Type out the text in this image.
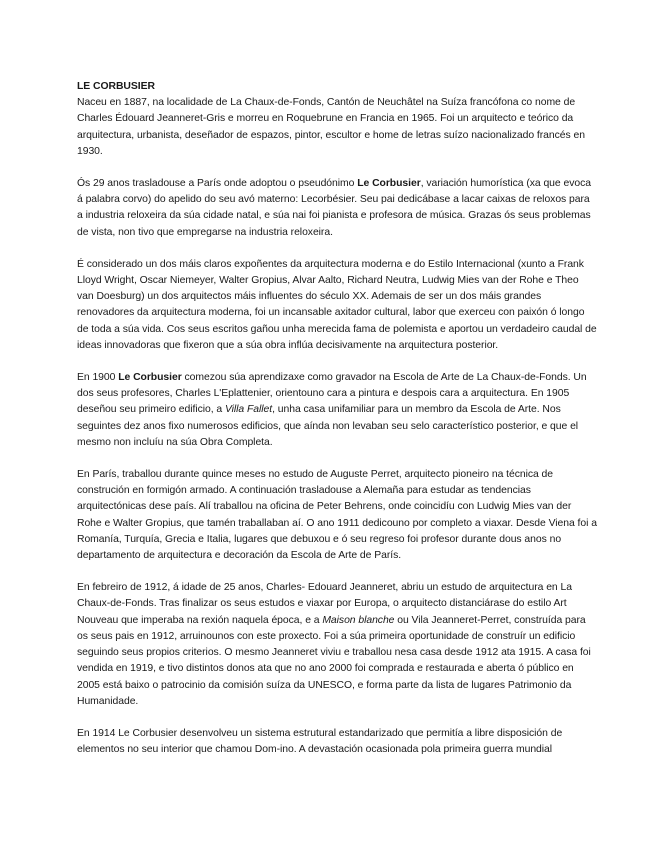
LE CORBUSIER
Naceu en 1887, na localidade de La Chaux-de-Fonds, Cantón de Neuchâtel na Suíza francófona co nome de Charles Édouard Jeanneret-Gris e morreu en Roquebrune en Francia en 1965. Foi un arquitecto e teórico da arquitectura, urbanista, deseñador de espazos, pintor, escultor e home de letras suízo nacionalizado francés en 1930.

Ós 29 anos trasladouse a París onde adoptou o pseudónimo Le Corbusier, variación humorística (xa que evoca á palabra corvo) do apelido do seu avó materno: Lecorbésier. Seu pai dedicábase a lacar caixas de reloxos para a industria reloxeira da súa cidade natal, e súa nai foi pianista e profesora de música. Grazas ós seus problemas de vista, non tivo que empregarse na industria reloxeira.

É considerado un dos máis claros expoñentes da arquitectura moderna e do Estilo Internacional (xunto a Frank Lloyd Wright, Oscar Niemeyer, Walter Gropius, Alvar Aalto, Richard Neutra, Ludwig Mies van der Rohe e Theo van Doesburg) un dos arquitectos máis influentes do século XX. Ademais de ser un dos máis grandes renovadores da arquitectura moderna, foi un incansable axitador cultural, labor que exerceu con paixón ó longo de toda a súa vida. Cos seus escritos gañou unha merecida fama de polemista e aportou un verdadeiro caudal de ideas innovadoras que fixeron que a súa obra inflúa decisivamente na arquitectura posterior.

En 1900 Le Corbusier comezou súa aprendizaxe como gravador na Escola de Arte de La Chaux-de-Fonds. Un dos seus profesores, Charles L'Eplattenier, orientouno cara a pintura e despois cara a arquitectura. En 1905 deseñou seu primeiro edificio, a Villa Fallet, unha casa unifamiliar para un membro da Escola de Arte. Nos seguintes dez anos fixo numerosos edificios, que aínda non levaban seu selo característico posterior, e que el mesmo non incluíu na súa Obra Completa.

En París, traballou durante quince meses no estudo de Auguste Perret, arquitecto pioneiro na técnica de construción en formigón armado. A continuación trasladouse a Alemaña para estudar as tendencias arquitectónicas dese país. Alí traballou na oficina de Peter Behrens, onde coincidíu con Ludwig Mies van der Rohe e Walter Gropius, que tamén traballaban aí. O ano 1911 dedicouno por completo a viaxar. Desde Viena foi a Romanía, Turquía, Grecia e Italia, lugares que debuxou e ó seu regreso foi profesor durante dous anos no departamento de arquitectura e decoración da Escola de Arte de París.

En febreiro de 1912, á idade de 25 anos, Charles- Edouard Jeanneret, abriu un estudo de arquitectura en La Chaux-de-Fonds. Tras finalizar os seus estudos e viaxar por Europa, o arquitecto distanciárase do estilo Art Nouveau que imperaba na rexión naquela época, e a Maison blanche ou Vila Jeanneret-Perret, construída para os seus pais en 1912, arruinounos con este proxecto. Foi a súa primeira oportunidade de construír un edificio seguindo seus propios criterios. O mesmo Jeanneret viviu e traballou nesa casa desde 1912 ata 1915. A casa foi vendida en 1919, e tivo distintos donos ata que no ano 2000 foi comprada e restaurada e aberta ó público en 2005 está baixo o patrocinio da comisión suíza da UNESCO, e forma parte da lista de lugares Patrimonio da Humanidade.

En 1914 Le Corbusier desenvolveu un sistema estrutural estandarizado que permitía a libre disposición de elementos no seu interior que chamou Dom-ino. A devastación ocasionada pola primeira guerra mundial
